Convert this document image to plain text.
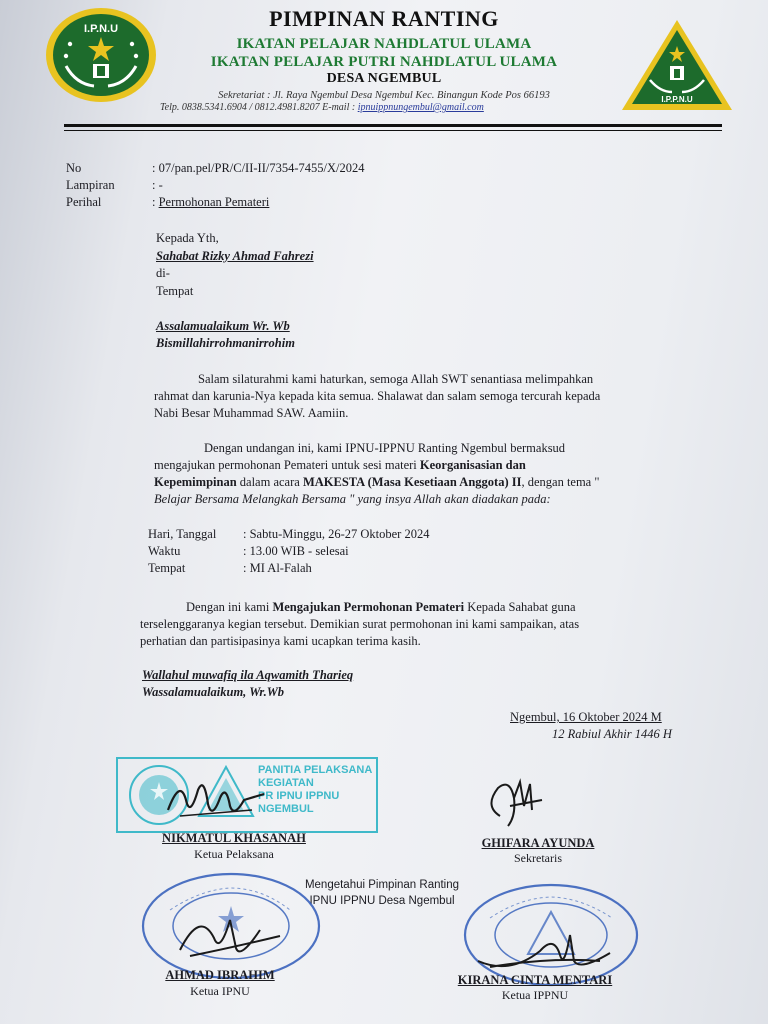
I.P.N.U
I.P.P.N.U
PIMPINAN RANTING
IKATAN PELAJAR NAHDLATUL ULAMA
IKATAN PELAJAR PUTRI NAHDLATUL ULAMA
DESA NGEMBUL
Sekretariat : Jl. Raya Ngembul Desa Ngembul Kec. Binangun Kode Pos 66193
Telp. 0838.5341.6904 / 0812.4981.8207 E-mail : ipnuippnungembul@gmail.com
No	: 07/pan.pel/PR/C/II-II/7354-7455/X/2024
Lampiran	: -
Perihal	: Permohonan Pemateri
Kepada Yth,
Sahabat Rizky Ahmad Fahrezi
di-
Tempat
Assalamualaikum Wr. Wb
Bismillahirrohmanirrohim
Salam silaturahmi kami haturkan, semoga Allah SWT senantiasa melimpahkan
rahmat dan karunia-Nya kepada kita semua. Shalawat dan salam semoga tercurah kepada
Nabi Besar Muhammad SAW. Aamiin.
Dengan undangan ini, kami IPNU-IPPNU Ranting Ngembul bermaksud
mengajukan permohonan Pemateri untuk sesi materi Keorganisasian dan
Kepemimpinan dalam acara MAKESTA (Masa Kesetiaan Anggota) II, dengan tema "
Belajar Bersama Melangkah Bersama " yang insya Allah akan diadakan pada:
Hari, Tanggal : Sabtu-Minggu, 26-27 Oktober 2024
Waktu	: 13.00 WIB - selesai
Tempat	: MI Al-Falah
Dengan ini kami Mengajukan Permohonan Pemateri Kepada Sahabat guna
terselenggaranya kegian tersebut. Demikian surat permohonan ini kami sampaikan, atas
perhatian dan partisipasinya kami ucapkan terima kasih.
Wallahul muwafiq ila Aqwamith Tharieq
Wassalamualaikum, Wr.Wb
Ngembul, 16 Oktober 2024 M
12 Rabiul Akhir 1446 H
PANITIA PELAKSANA
KEGIATAN
PR IPNU IPPNU
NGEMBUL
NIKMATUL KHASANAH
Ketua Pelaksana
GHIFARA AYUNDA
Sekretaris
Mengetahui Pimpinan Ranting
IPNU IPPNU Desa Ngembul
AHMAD IBRAHIM
Ketua IPNU
KIRANA CINTA MENTARI
Ketua IPPNU
